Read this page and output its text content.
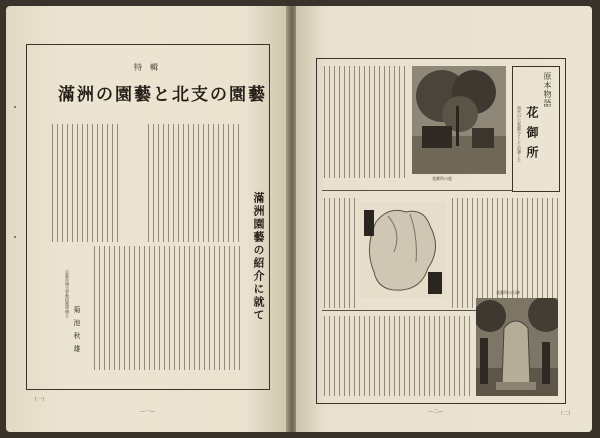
特輯
滿洲の園藝と北支の園藝
滿洲園藝の紹介に就て
京都帝國大學教授農學博士
菊池秋雄
（一）
—一—
花御所の庭
原本物語
花御所
初代の公家邸宅として出發した
花御所の石碑
—二—	（二）
